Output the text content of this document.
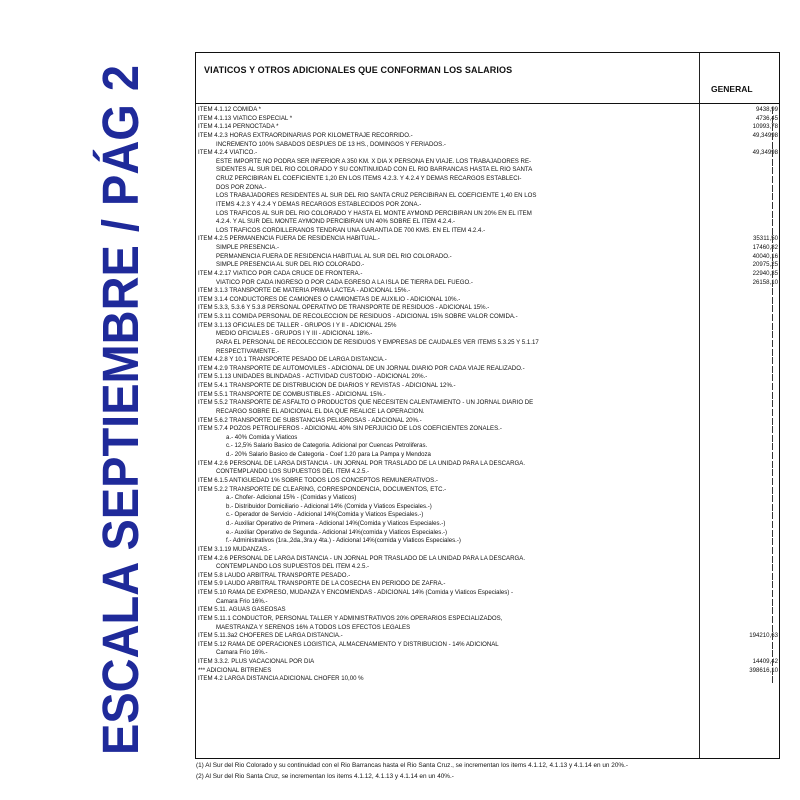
ESCALA SEPTIEMBRE / PÁG 2	VIATICOS Y OTROS ADICIONALES QUE CONFORMAN LOS SALARIOS
GENERAL
ITEM 4.1.12 COMIDA *	9438,99
ITEM 4.1.13 VIATICO ESPECIAL *	4736,45
ITEM 4.1.14 PERNOCTADA *	10993,78
ITEM 4.2.3 HORAS EXTRAORDINARIAS POR KILOMETRAJE RECORRIDO.-	49,34998
INCREMENTO 100% SABADOS DESPUES DE 13 HS., DOMINGOS Y FERIADOS.-
ITEM 4.2.4 VIATICO.-	49,34998
ESTE IMPORTE NO PODRA SER INFERIOR A 350 KM. X DIA X PERSONA EN VIAJE. LOS TRABAJADORES RE-
SIDENTES AL SUR DEL RIO COLORADO Y SU CONTINUIDAD CON EL RIO BARRANCAS HASTA EL RIO SANTA
CRUZ PERCIBIRAN EL COEFICIENTE 1,20 EN LOS ITEMS 4.2.3. Y 4.2.4 Y DEMAS RECARGOS ESTABLECI-
DOS POR ZONA.-
LOS TRABAJADORES RESIDENTES AL SUR DEL RIO SANTA CRUZ PERCIBIRAN EL COEFICIENTE 1,40 EN LOS
ITEMS 4.2.3 Y 4.2.4 Y DEMAS RECARGOS ESTABLECIDOS POR ZONA.-
LOS TRAFICOS AL SUR DEL RIO COLORADO Y HASTA EL MONTE AYMOND PERCIBIRAN UN 20% EN EL ITEM
4.2.4. Y AL SUR DEL MONTE AYMOND PERCIBIRAN UN 40% SOBRE EL ITEM 4.2.4.-
LOS TRAFICOS CORDILLERANOS TENDRAN UNA GARANTIA DE 700 KMS. EN EL ITEM 4.2.4.-
ITEM 4.2.5 PERMANENCIA FUERA DE RESIDENCIA HABITUAL.-	35311,50
SIMPLE PRESENCIA.-	17460,82
PERMANENCIA FUERA DE RESIDENCIA HABITUAL AL SUR DEL RIO COLORADO.-	40040,16
SIMPLE PRESENCIA AL SUR DEL RIO COLORADO.-	20975,25
ITEM 4.2.17 VIATICO POR CADA CRUCE DE FRONTERA.-	22940,35
VIATICO POR CADA INGRESO O POR CADA EGRESO A LA ISLA DE TIERRA DEL FUEGO.-	26158,10
ITEM 3.1.3 TRANSPORTE DE MATERIA PRIMA LACTEA - ADICIONAL 15%.-
ITEM 3.1.4 CONDUCTORES DE CAMIONES O CAMIONETAS DE AUXILIO - ADICIONAL 10%.-
ITEM 5.3.3, 5.3.6 Y 5.3.8 PERSONAL OPERATIVO DE TRANSPORTE DE RESIDUOS - ADICIONAL 15%.-
ITEM 5.3.11 COMIDA PERSONAL DE RECOLECCION DE RESIDUOS - ADICIONAL 15% SOBRE VALOR COMIDA.-
ITEM 3.1.13 OFICIALES DE TALLER - GRUPOS I Y II - ADICIONAL 25%
MEDIO OFICIALES - GRUPOS I Y III - ADICIONAL 18%.-
PARA EL PERSONAL DE RECOLECCION DE RESIDUOS Y EMPRESAS DE CAUDALES VER ITEMS 5.3.25 Y 5.1.17
RESPECTIVAMENTE.-
ITEM 4.2.8 Y 10.1 TRANSPORTE PESADO DE LARGA DISTANCIA.-
ITEM 4.2.9 TRANSPORTE DE AUTOMOVILES - ADICIONAL DE UN JORNAL DIARIO POR CADA VIAJE REALIZADO.-
ITEM 5.1.13 UNIDADES BLINDADAS - ACTIVIDAD CUSTODIO - ADICIONAL 20%.-
ITEM 5.4.1 TRANSPORTE DE DISTRIBUCION DE DIARIOS Y REVISTAS - ADICIONAL 12%.-
ITEM 5.5.1 TRANSPORTE DE COMBUSTIBLES - ADICIONAL 15%.-
ITEM 5.5.2 TRANSPORTE DE ASFALTO O PRODUCTOS QUE NECESITEN CALENTAMIENTO - UN JORNAL DIARIO DE
RECARGO SOBRE EL ADICIONAL EL DIA QUE REALICE LA OPERACION.
ITEM 5.6.2 TRANSPORTE DE SUBSTANCIAS PELIGROSAS - ADICIONAL 20%.-
ITEM 5.7.4 POZOS PETROLIFEROS - ADICIONAL 40% SIN PERJUICIO DE LOS COEFICIENTES ZONALES.-
a.- 40% Comida y Viaticos
c.- 12,5% Salario Basico de Categoria. Adicional por Cuencas Petroliferas.
d.- 20% Salario Basico de Categoria - Coef 1.20 para La Pampa y Mendoza
ITEM 4.2.6 PERSONAL DE LARGA DISTANCIA - UN JORNAL POR TRASLADO DE LA UNIDAD PARA LA DESCARGA.
CONTEMPLANDO LOS SUPUESTOS DEL ITEM 4.2.5.-
ITEM 6.1.5 ANTIGUEDAD 1% SOBRE TODOS LOS CONCEPTOS REMUNERATIVOS.-
ITEM 5.2.2 TRANSPORTE DE CLEARING, CORRESPONDENCIA, DOCUMENTOS, ETC.-
a.- Chofer- Adicional 15% - (Comidas y Viaticos)
b.- Distribuidor Domiciliario - Adicional 14% (Comida y Viaticos Especiales.-)
c.- Operador de Servicio - Adicional 14%(Comida y Viaticos Especiales.-)
d.- Auxiliar Operativo de Primera - Adicional 14%(Comida y Viaticos Especiales.-)
e.- Auxiliar Operativo de Segunda.- Adicional 14%(comida y Viaticos Especiales.-)
f.- Administrativos (1ra.,2da.,3ra.y 4ta.) - Adicional 14%(comida y Viaticos Especiales.-)
ITEM 3.1.19 MUDANZAS.-
ITEM 4.2.6 PERSONAL DE LARGA DISTANCIA - UN JORNAL POR TRASLADO DE LA UNIDAD PARA LA DESCARGA.
CONTEMPLANDO LOS SUPUESTOS DEL ITEM 4.2.5.-
ITEM 5.8 LAUDO ARBITRAL TRANSPORTE PESADO.-
ITEM 5.9 LAUDO ARBITRAL TRANSPORTE DE LA COSECHA EN PERIODO DE ZAFRA.-
ITEM 5.10 RAMA DE EXPRESO, MUDANZA Y ENCOMIENDAS - ADICIONAL 14% (Comida y Viaticos Especiales) -
Camara Frio 16%.-
ITEM 5.11. AGUAS GASEOSAS
ITEM 5.11.1 CONDUCTOR, PERSONAL TALLER Y ADMINISTRATIVOS 20% OPERARIOS ESPECIALIZADOS,
MAESTRANZA Y SERENOS 16% A TODOS LOS EFECTOS LEGALES
ITEM 5.11.3a2 CHOFERES DE LARGA DISTANCIA.-	194210,63
ITEM 5.12 RAMA DE OPERACIONES LOGISTICA, ALMACENAMIENTO Y DISTRIBUCION - 14% ADICIONAL
Camara Frio 16%.-
ITEM 3.3.2. PLUS VACACIONAL POR DIA	14409,42
*** ADICIONAL BITRENES	398616,10
ITEM 4.2 LARGA DISTANCIA ADICIONAL CHOFER 10,00 %
(1) Al Sur del Rio Colorado y su continuidad con el Rio Barrancas hasta el Rio Santa Cruz., se incrementan los items 4.1.12, 4.1.13 y 4.1.14 en un 20%.-
(2) Al Sur del Rio Santa Cruz, se incrementan los items 4.1.12, 4.1.13 y 4.1.14 en un 40%.-
